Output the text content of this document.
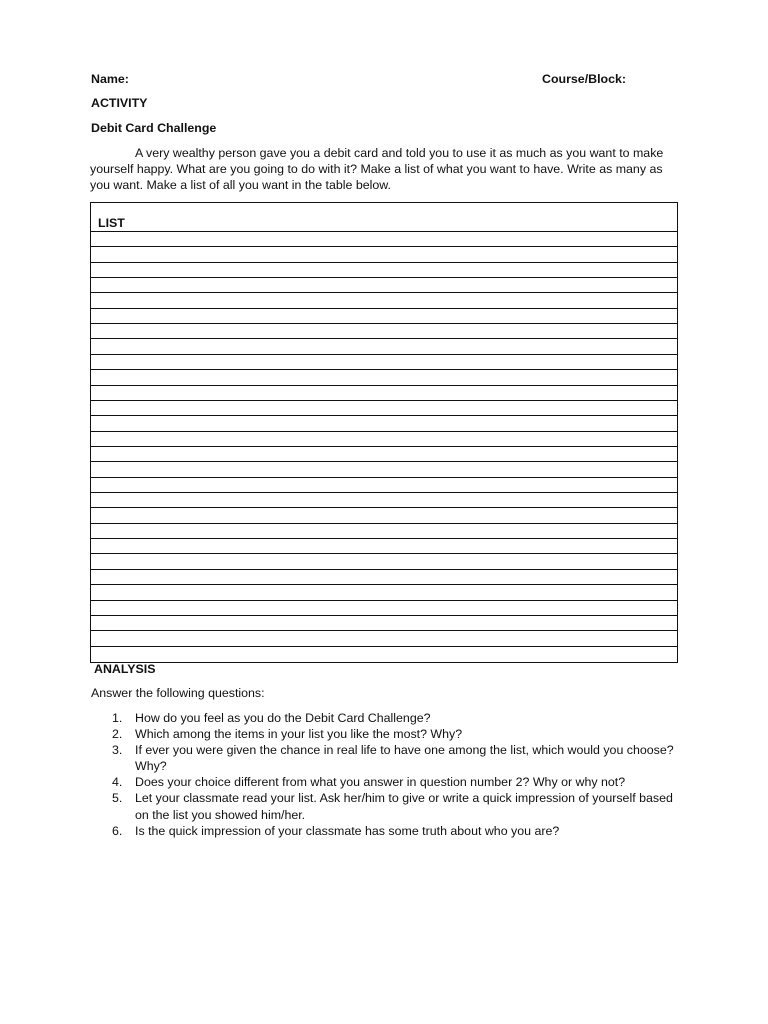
Name:	Course/Block:
ACTIVITY
Debit Card Challenge
A very wealthy person gave you a debit card and told you to use it as much as you want to make yourself happy. What are you going to do with it? Make a list of what you want to have. Write as many as you want. Make a list of all you want in the table below.
LIST
ANALYSIS
Answer the following questions:
1. How do you feel as you do the Debit Card Challenge?
2. Which among the items in your list you like the most? Why?
3. If ever you were given the chance in real life to have one among the list, which would you choose? Why?
4. Does your choice different from what you answer in question number 2? Why or why not?
5. Let your classmate read your list. Ask her/him to give or write a quick impression of yourself based on the list you showed him/her.
6. Is the quick impression of your classmate has some truth about who you are?
